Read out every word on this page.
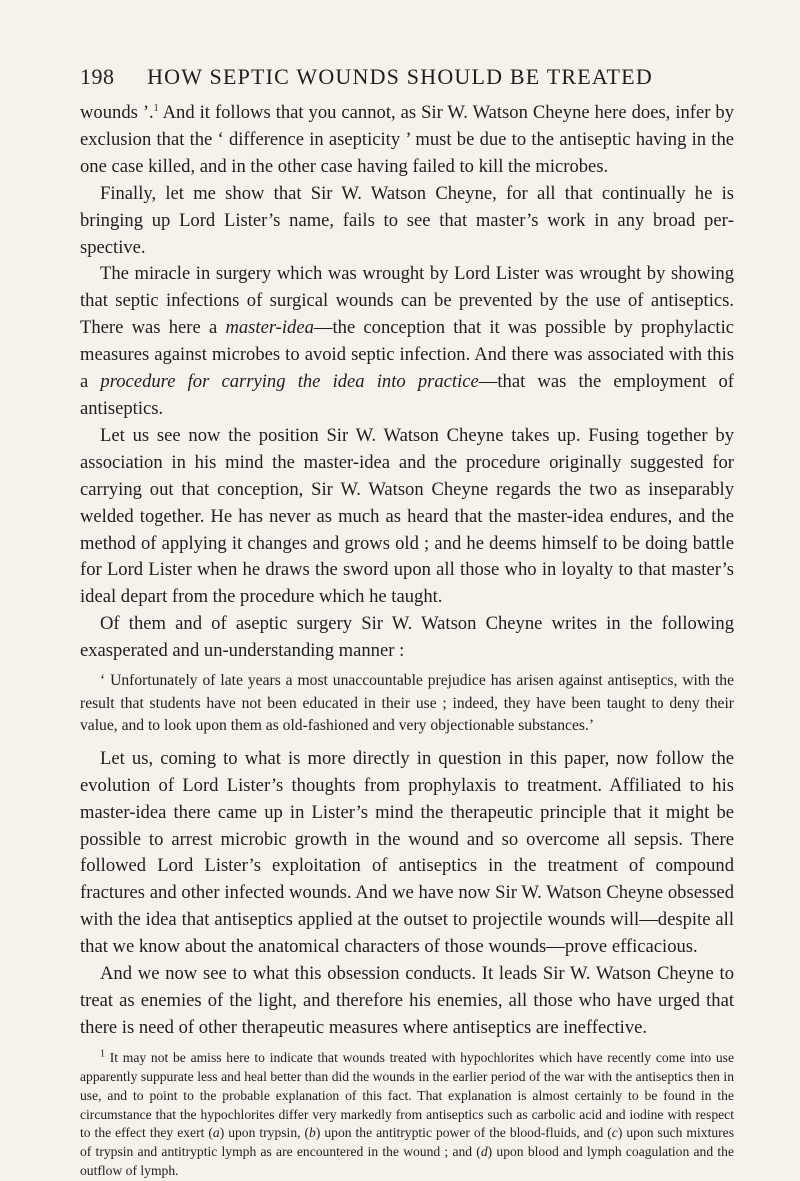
198	HOW SEPTIC WOUNDS SHOULD BE TREATED

wounds ’.$^1$ And it follows that you cannot, as Sir W. Watson Cheyne here does, infer by exclusion that the ‘ difference in asepticity ’ must be due to the antiseptic having in the one case killed, and in the other case having failed to kill the microbes.

Finally, let me show that Sir W. Watson Cheyne, for all that continually he is bringing up Lord Lister’s name, fails to see that master’s work in any broad perspective.

The miracle in surgery which was wrought by Lord Lister was wrought by showing that septic infections of surgical wounds can be prevented by the use of antiseptics. There was here a master-idea—the conception that it was possible by prophylactic measures against microbes to avoid septic infection. And there was associated with this a procedure for carrying the idea into practice—that was the employment of antiseptics.

Let us see now the position Sir W. Watson Cheyne takes up. Fusing together by association in his mind the master-idea and the procedure originally suggested for carrying out that conception, Sir W. Watson Cheyne regards the two as inseparably welded together. He has never as much as heard that the master-idea endures, and the method of applying it changes and grows old ; and he deems himself to be doing battle for Lord Lister when he draws the sword upon all those who in loyalty to that master’s ideal depart from the procedure which he taught.

Of them and of aseptic surgery Sir W. Watson Cheyne writes in the following exasperated and un-understanding manner :

‘ Unfortunately of late years a most unaccountable prejudice has arisen against antiseptics, with the result that students have not been educated in their use ; indeed, they have been taught to deny their value, and to look upon them as old-fashioned and very objectionable substances.’

Let us, coming to what is more directly in question in this paper, now follow the evolution of Lord Lister’s thoughts from prophylaxis to treatment. Affiliated to his master-idea there came up in Lister’s mind the therapeutic principle that it might be possible to arrest microbic growth in the wound and so overcome all sepsis. There followed Lord Lister’s exploitation of antiseptics in the treatment of compound fractures and other infected wounds. And we have now Sir W. Watson Cheyne obsessed with the idea that antiseptics applied at the outset to projectile wounds will—despite all that we know about the anatomical characters of those wounds—prove efficacious.

And we now see to what this obsession conducts. It leads Sir W. Watson Cheyne to treat as enemies of the light, and therefore his enemies, all those who have urged that there is need of other therapeutic measures where antiseptics are ineffective.

$^1$ It may not be amiss here to indicate that wounds treated with hypochlorites which have recently come into use apparently suppurate less and heal better than did the wounds in the earlier period of the war with the antiseptics then in use, and to point to the probable explanation of this fact. That explanation is almost certainly to be found in the circumstance that the hypochlorites differ very markedly from antiseptics such as carbolic acid and iodine with respect to the effect they exert (a) upon trypsin, (b) upon the antitryptic power of the blood-fluids, and (c) upon such mixtures of trypsin and antitryptic lymph as are encountered in the wound ; and (d) upon blood and lymph coagulation and the outflow of lymph.
